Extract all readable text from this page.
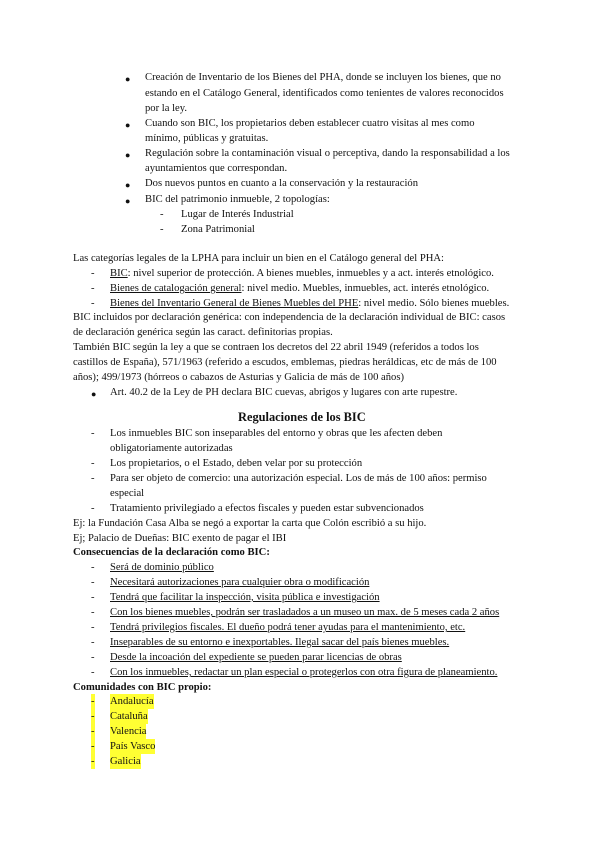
● Creación de Inventario de los Bienes del PHA, donde se incluyen los bienes, que no
estando en el Catálogo General, identificados como tenientes de valores reconocidos
por la ley.
● Cuando son BIC, los propietarios deben establecer cuatro visitas al mes como
mínimo, públicas y gratuitas.
● Regulación sobre la contaminación visual o perceptiva, dando la responsabilidad a los
ayuntamientos que correspondan.
● Dos nuevos puntos en cuanto a la conservación y la restauración
● BIC del patrimonio inmueble, 2 topologías:
- Lugar de Interés Industrial
- Zona Patrimonial
Las categorías legales de la LPHA para incluir un bien en el Catálogo general del PHA:
- BIC: nivel superior de protección. A bienes muebles, inmuebles y a act. interés etnológico.
- Bienes de catalogación general: nivel medio. Muebles, inmuebles, act. interés etnológico.
- Bienes del Inventario General de Bienes Muebles del PHE: nivel medio. Sólo bienes muebles.
BIC incluidos por declaración genérica: con independencia de la declaración individual de BIC: casos
de declaración genérica según las caract. definitorias propias.
También BIC según la ley a que se contraen los decretos del 22 abril 1949 (referidos a todos los
castillos de España), 571/1963 (referido a escudos, emblemas, piedras heráldicas, etc de más de 100
años); 499/1973 (hórreos o cabazos de Asturias y Galicia de más de 100 años)
● Art. 40.2 de la Ley de PH declara BIC cuevas, abrigos y lugares con arte rupestre.
Regulaciones de los BIC
- Los inmuebles BIC son inseparables del entorno y obras que les afecten deben
obligatoriamente autorizadas
- Los propietarios, o el Estado, deben velar por su protección
- Para ser objeto de comercio: una autorización especial. Los de más de 100 años: permiso
especial
- Tratamiento privilegiado a efectos fiscales y pueden estar subvencionados
Ej: la Fundación Casa Alba se negó a exportar la carta que Colón escribió a su hijo.
Ej; Palacio de Dueñas: BIC exento de pagar el IBI
Consecuencias de la declaración como BIC:
- Será de dominio público
- Necesitará autorizaciones para cualquier obra o modificación
- Tendrá que facilitar la inspección, visita pública e investigación
- Con los bienes muebles, podrán ser trasladados a un museo un max. de 5 meses cada 2 años
- Tendrá privilegios fiscales. El dueño podrá tener ayudas para el mantenimiento, etc.
- Inseparables de su entorno e inexportables. Ilegal sacar del país bienes muebles.
- Desde la incoación del expediente se pueden parar licencias de obras
- Con los inmuebles, redactar un plan especial o protegerlos con otra figura de planeamiento.
Comunidades con BIC propio:
- Andalucía
- Cataluña
- Valencia
- País Vasco
- Galicia
